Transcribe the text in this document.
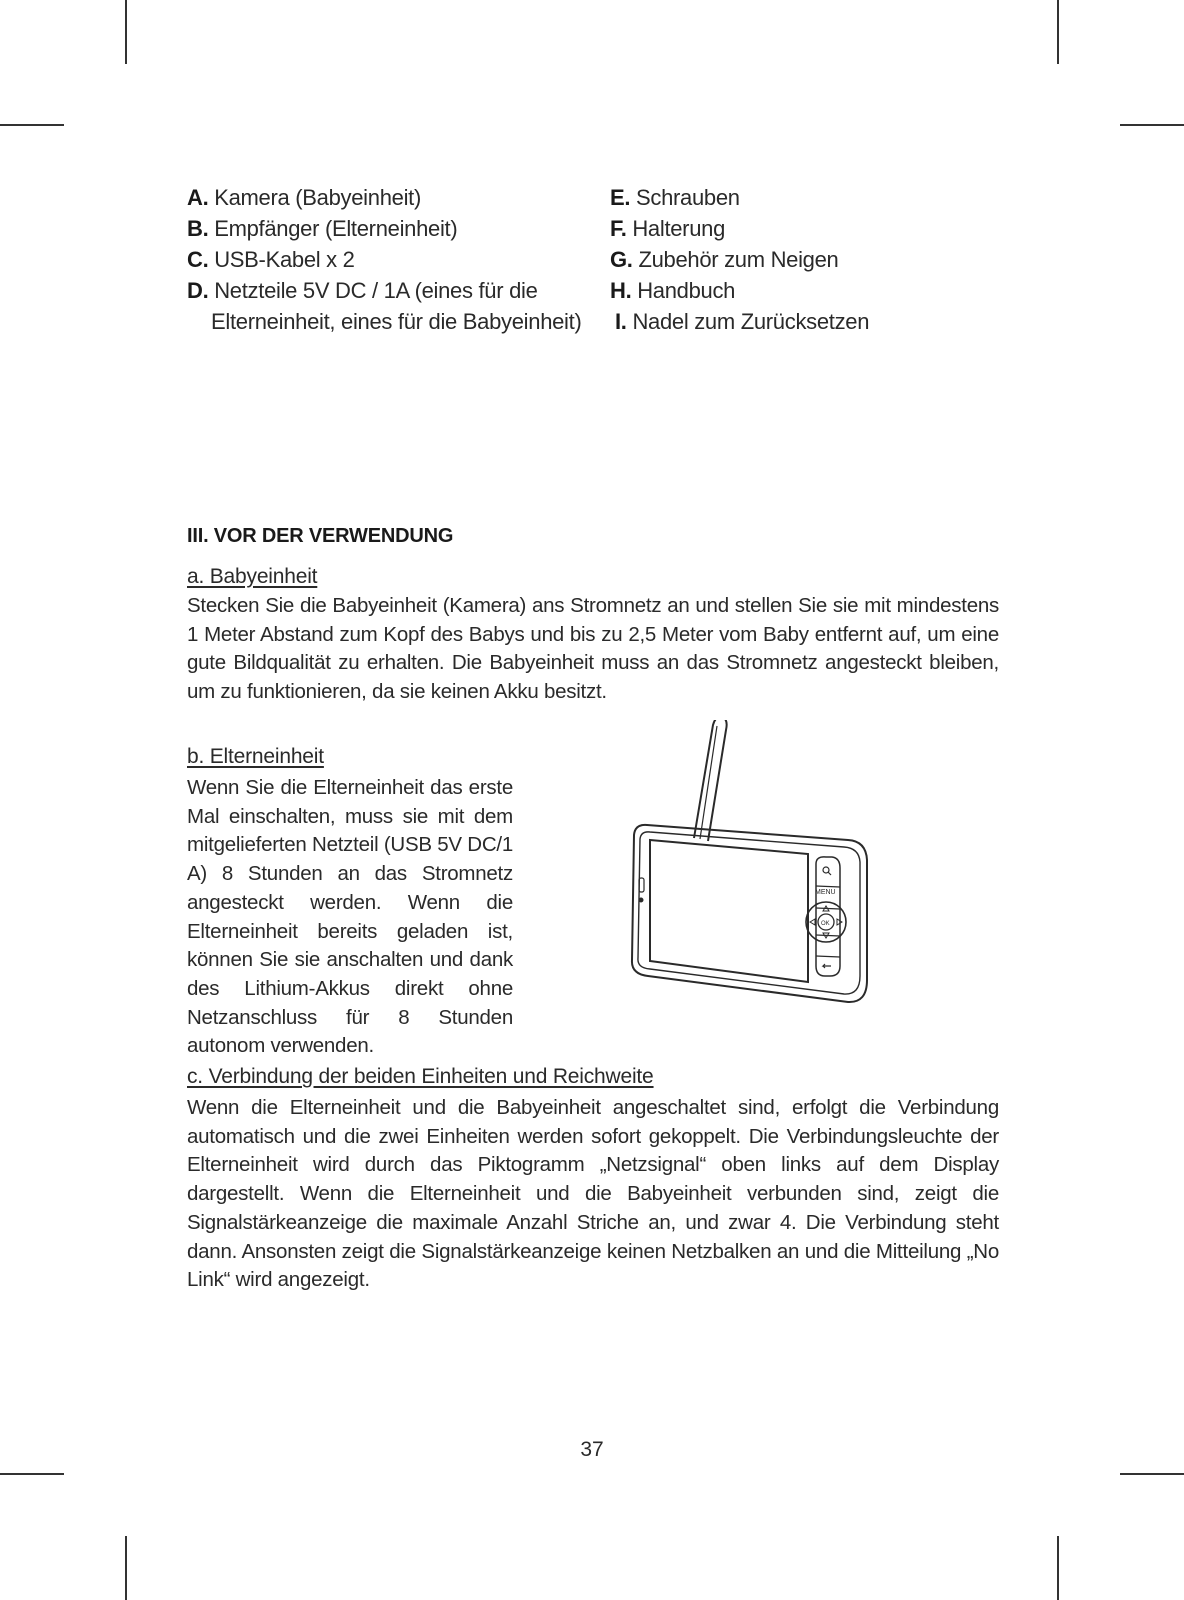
A. Kamera (Babyeinheit)
B. Empfänger (Elterneinheit)
C. USB-Kabel x 2
D. Netzteile 5V DC / 1A (eines für die
Elterneinheit, eines für die Babyeinheit)
E. Schrauben
F. Halterung
G. Zubehör zum Neigen
H. Handbuch
I. Nadel zum Zurücksetzen
III. VOR DER VERWENDUNG
a. Babyeinheit
Stecken Sie die Babyeinheit (Kamera) ans Stromnetz an und stellen Sie sie mit mindestens 1 Meter Abstand zum Kopf des Babys und bis zu 2,5 Meter vom Baby entfernt auf, um eine gute Bildqualität zu erhalten. Die Babyeinheit muss an das Stromnetz angesteckt bleiben, um zu funktionieren, da sie keinen Akku besitzt.
b. Elterneinheit
Wenn Sie die Elterneinheit das erste Mal einschalten, muss sie mit dem mitgelieferten Netzteil (USB 5V DC/1 A) 8 Stunden an das Stromnetz angesteckt werden. Wenn die Elterneinheit bereits geladen ist, können Sie sie anschalten und dank des Lithium-Akkus direkt ohne Netzanschluss für 8 Stunden autonom verwenden.
MENU
OK
c. Verbindung der beiden Einheiten und Reichweite
Wenn die Elterneinheit und die Babyeinheit angeschaltet sind, erfolgt die Verbindung automatisch und die zwei Einheiten werden sofort gekoppelt. Die Verbindungsleuchte der Elterneinheit wird durch das Piktogramm „Netzsignal“ oben links auf dem Display dargestellt. Wenn die Elterneinheit und die Babyeinheit verbunden sind, zeigt die Signalstärkeanzeige die maximale Anzahl Striche an, und zwar 4. Die Verbindung steht dann. Ansonsten zeigt die Signalstärkeanzeige keinen Netzbalken an und die Mitteilung „No Link“ wird angezeigt.
37
